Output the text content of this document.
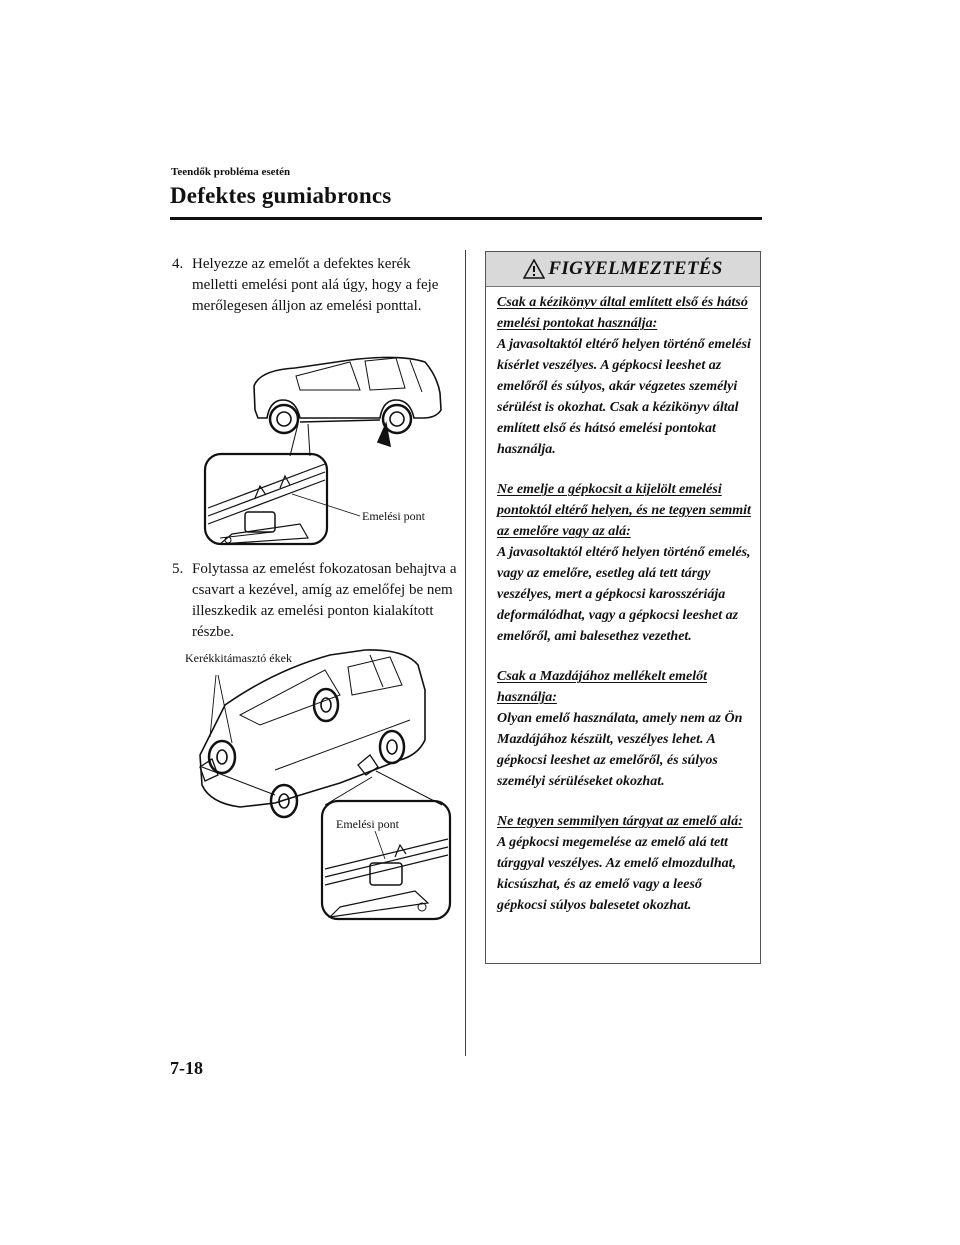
Teendők probléma esetén
Defektes gumiabroncs
4. Helyezze az emelőt a defektes kerék melletti emelési pont alá úgy, hogy a feje merőlegesen álljon az emelési ponttal.
Emelési pont
5. Folytassa az emelést fokozatosan behajtva a csavart a kezével, amíg az emelőfej be nem illeszkedik az emelési ponton kialakított részbe.
Kerékkitámasztó ékek
Emelési pont
FIGYELMEZTETÉS
Csak a kézikönyv által említett első és hátsó emelési pontokat használja:
A javasoltaktól eltérő helyen történő emelési kísérlet veszélyes. A gépkocsi leeshet az emelőről és súlyos, akár végzetes személyi sérülést is okozhat. Csak a kézikönyv által említett első és hátsó emelési pontokat használja.
Ne emelje a gépkocsit a kijelölt emelési pontoktól eltérő helyen, és ne tegyen semmit az emelőre vagy az alá:
A javasoltaktól eltérő helyen történő emelés, vagy az emelőre, esetleg alá tett tárgy veszélyes, mert a gépkocsi karosszériája deformálódhat, vagy a gépkocsi leeshet az emelőről, ami balesethez vezethet.
Csak a Mazdájához mellékelt emelőt használja:
Olyan emelő használata, amely nem az Ön Mazdájához készült, veszélyes lehet. A gépkocsi leeshet az emelőről, és súlyos személyi sérüléseket okozhat.
Ne tegyen semmilyen tárgyat az emelő alá:
A gépkocsi megemelése az emelő alá tett tárggyal veszélyes. Az emelő elmozdulhat, kicsúszhat, és az emelő vagy a leeső gépkocsi súlyos balesetet okozhat.
7-18
